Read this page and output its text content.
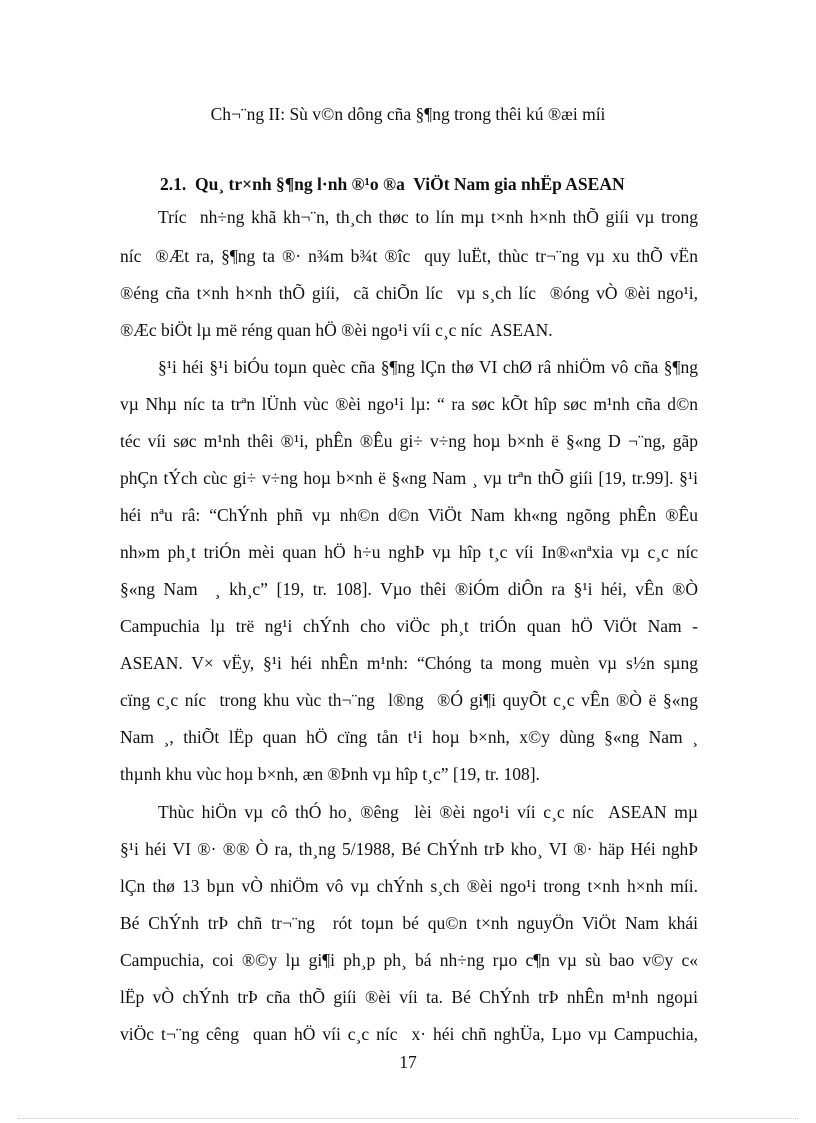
Ch¬¨ng II: Sù v©n dông cña §¶ng trong thêi kú ®æi míi
2.1.  Qu¸ tr×nh §¶ng l·nh ®¹o ®a  ViÖt Nam gia nhËp ASEAN
Tríc  nh÷ng khã kh¬¨n, th¸ch thøc to lín mµ t×nh h×nh thÕ giíi vµ trong
níc  ®Æt ra, §¶ng ta ®· n¾m b¾t ®îc  quy luËt, thùc tr¬¨ng vµ xu thÕ vËn
®éng cña t×nh h×nh thÕ giíi,  cã chiÕn líc  vµ s¸ch líc  ®óng vÒ ®èi ngo¹i,
®Æc biÖt lµ më réng quan hÖ ®èi ngo¹i víi c¸c níc  ASEAN.
§¹i héi §¹i biÓu toµn quèc cña §¶ng lÇn thø VI chØ râ nhiÖm vô cña §¶ng
vµ Nhµ níc ta trªn lÜnh vùc ®èi ngo¹i lµ: “ ra søc kÕt hîp søc m¹nh cña d©n
téc víi søc m¹nh thêi ®¹i, phÊn ®Êu gi÷ v÷ng hoµ b×nh ë §«ng D ¬¨ng, gãp
phÇn tÝch cùc gi÷ v÷ng hoµ b×nh ë §«ng Nam ¸ vµ trªn thÕ giíi [19, tr.99]. §¹i
héi nªu râ: “ChÝnh phñ vµ nh©n d©n ViÖt Nam kh«ng ngõng phÊn ®Êu
nh»m ph¸t triÓn mèi quan hÖ h÷u nghÞ vµ hîp t¸c víi In®«nªxia vµ c¸c níc
§«ng Nam  ¸ kh¸c” [19, tr. 108]. Vµo thêi ®iÓm diÔn ra §¹i héi, vÊn ®Ò
Campuchia lµ trë ng¹i chÝnh cho viÖc ph¸t triÓn quan hÖ ViÖt Nam -
ASEAN. V× vËy, §¹i héi nhÊn m¹nh: “Chóng ta mong muèn vµ s½n sµng
cïng c¸c níc  trong khu vùc th¬¨ng  l®ng  ®Ó gi¶i quyÕt c¸c vÊn ®Ò ë §«ng
Nam ¸, thiÕt lËp quan hÖ cïng tån t¹i hoµ b×nh, x©y dùng §«ng Nam ¸
thµnh khu vùc hoµ b×nh, æn ®Þnh vµ hîp t¸c” [19, tr. 108].
Thùc hiÖn vµ cô thÓ ho¸ ®êng  lèi ®èi ngo¹i víi c¸c níc  ASEAN mµ
§¹i héi VI ®· ®® Ò ra, th¸ng 5/1988, Bé ChÝnh trÞ kho¸ VI ®· häp Héi nghÞ
lÇn thø 13 bµn vÒ nhiÖm vô vµ chÝnh s¸ch ®èi ngo¹i trong t×nh h×nh míi.
Bé ChÝnh trÞ chñ tr¬¨ng  rót toµn bé qu©n t×nh nguyÖn ViÖt Nam khái
Campuchia, coi ®©y lµ gi¶i ph¸p ph¸ bá nh÷ng rµo c¶n vµ sù bao v©y c«
lËp vÒ chÝnh trÞ cña thÕ giíi ®èi víi ta. Bé ChÝnh trÞ nhÊn m¹nh ngoµi
viÖc t¬¨ng cêng  quan hÖ víi c¸c níc  x· héi chñ nghÜa, Lµo vµ Campuchia,
17
